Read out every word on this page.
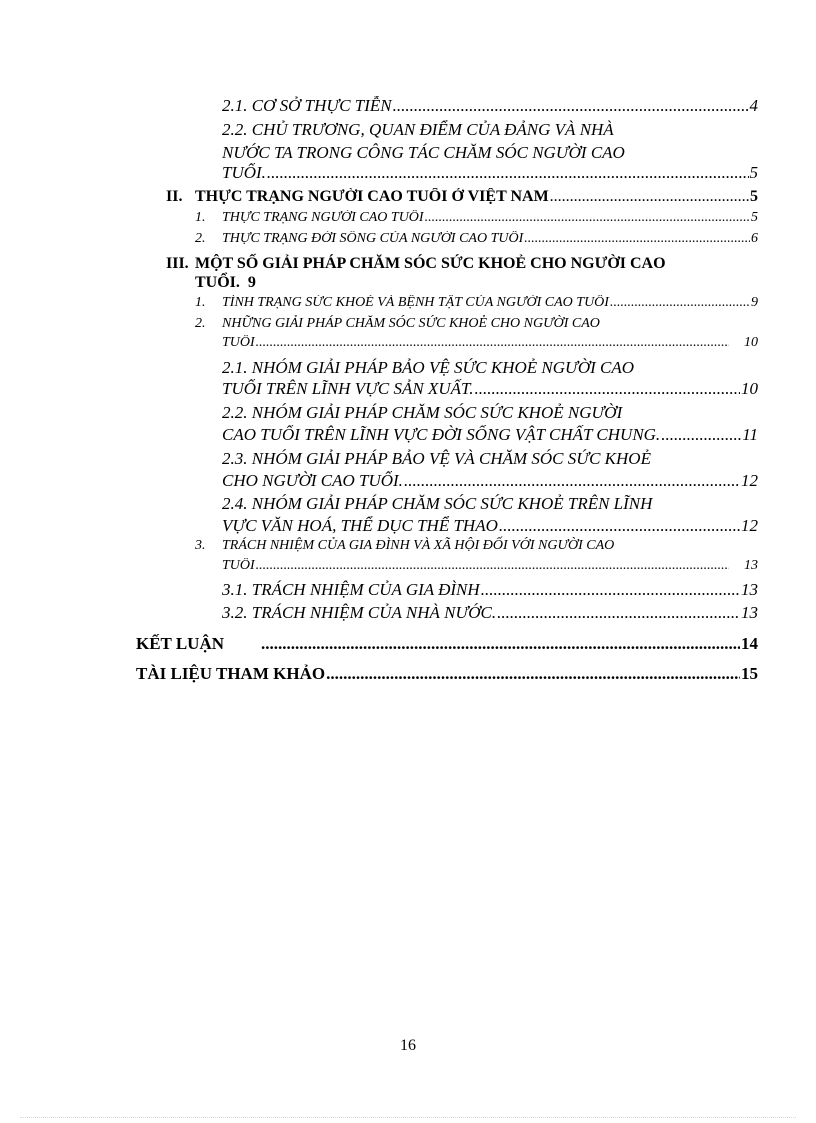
2.1. CƠ SỞ THỰC TIỄN .....	4
2.2. CHỦ TRƯƠNG, QUAN ĐIỂM CỦA ĐẢNG VÀ NHÀ
NƯỚC TA TRONG CÔNG TÁC CHĂM SÓC NGƯỜI CAO
TUỔI. .....	5
II. THỰC TRẠNG NGƯỜI CAO TUỔI Ở VIỆT NAM .....	5
1. THỰC TRẠNG NGƯỜI CAO TUỔI .....	5
2. THỰC TRẠNG ĐỜI SỐNG CỦA NGƯỜI CAO TUỔI .....	6
III. MỘT SỐ GIẢI PHÁP CHĂM SÓC SỨC KHOẺ CHO NGƯỜI CAO
TUỔI. 9
1. TÌNH TRẠNG SỨC KHOẺ VÀ BỆNH TẬT CỦA NGƯỜI CAO TUỔI .....	9
2. NHỮNG GIẢI PHÁP CHĂM SÓC SỨC KHOẺ CHO NGƯỜI CAO
TUỔI .....	10
2.1. NHÓM GIẢI PHÁP BẢO VỆ SỨC KHOẺ NGƯỜI CAO
TUỔI TRÊN LĨNH VỰC SẢN XUẤT. .....	10
2.2. NHÓM GIẢI PHÁP CHĂM SÓC SỨC KHOẺ NGƯỜI
CAO TUỔI TRÊN LĨNH VỰC ĐỜI SỐNG VẬT CHẤT CHUNG. .....	11
2.3. NHÓM GIẢI PHÁP BẢO VỆ VÀ CHĂM SÓC SỨC KHOẺ
CHO NGƯỜI CAO TUỔI. .....	12
2.4. NHÓM GIẢI PHÁP CHĂM SÓC SỨC KHOẺ TRÊN LĨNH
VỰC VĂN HOÁ, THỂ DỤC THỂ THAO .....	12
3. TRÁCH NHIỆM CỦA GIA ĐÌNH VÀ XÃ HỘI ĐỐI VỚI NGƯỜI CAO
TUỔI .....	13
3.1. TRÁCH NHIỆM CỦA GIA ĐÌNH .....	13
3.2. TRÁCH NHIỆM CỦA NHÀ NƯỚC. .....	13
KẾT LUẬN .....	14
TÀI LIỆU THAM KHẢO .....	15
16
